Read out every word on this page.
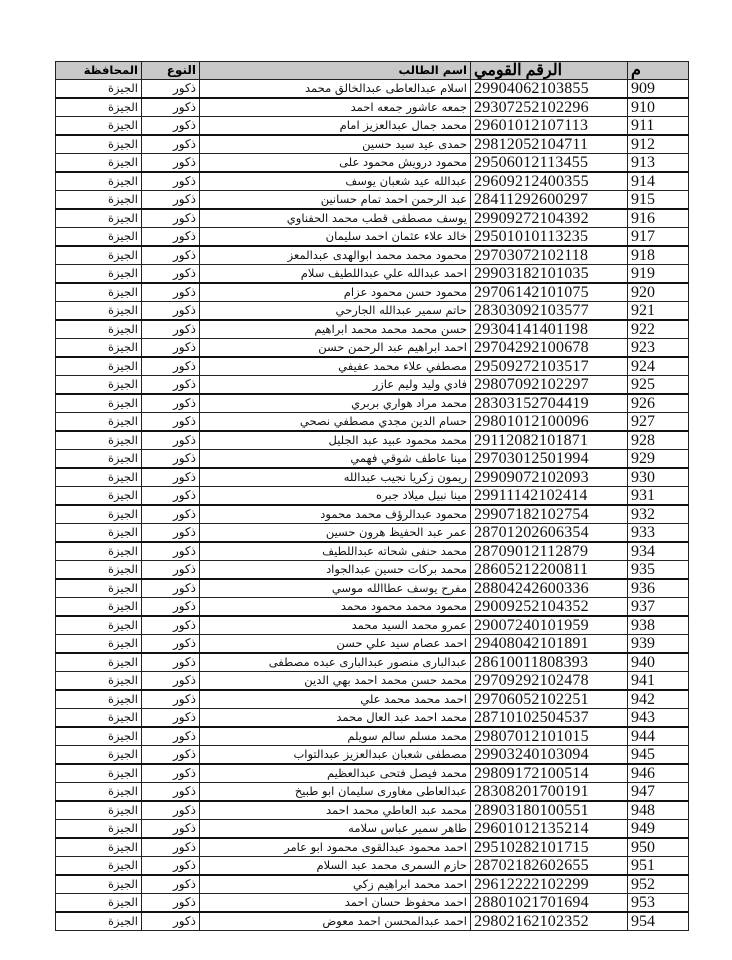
م	الرقم القومي	اسم الطالب	النوع	المحافظة
909	29904062103855	اسلام عبدالعاطى عبدالخالق محمد	ذكور	الجيزة
910	29307252102296	جمعه عاشور جمعه احمد	ذكور	الجيزة
911	29601012107113	محمد جمال عبدالعزيز امام	ذكور	الجيزة
912	29812052104711	حمدى عيد سيد حسين	ذكور	الجيزة
913	29506012113455	محمود درويش محمود على	ذكور	الجيزة
914	29609212400355	عبدالله عيد شعبان يوسف	ذكور	الجيزة
915	28411292600297	عبد الرحمن احمد تمام حسانين	ذكور	الجيزة
916	29909272104392	يوسف مصطفى قطب محمد الحفناوي	ذكور	الجيزة
917	29501010113235	خالد علاء عثمان احمد سليمان	ذكور	الجيزة
918	29703072102118	محمود محمد محمد ابوالهدى عبدالمعز	ذكور	الجيزة
919	29903182101035	احمد عبدالله علي عبداللطيف سلام	ذكور	الجيزة
920	29706142101075	محمود حسن محمود عزام	ذكور	الجيزة
921	28303092103577	حاتم سمير عبدالله الجارحي	ذكور	الجيزة
922	29304141401198	حسن محمد محمد محمد ابراهيم	ذكور	الجيزة
923	29704292100678	احمد ابراهيم عبد الرحمن حسن	ذكور	الجيزة
924	29509272103517	مصطفي علاء محمد عفيفي	ذكور	الجيزة
925	29807092102297	فادي وليد وليم عازر	ذكور	الجيزة
926	28303152704419	محمد مراد هواري بربري	ذكور	الجيزة
927	29801012100096	حسام الدين مجدي مصطفي نصحي	ذكور	الجيزة
928	29112082101871	محمد محمود عبيد عبد الجليل	ذكور	الجيزة
929	29703012501994	مينا عاطف شوقي فهمي	ذكور	الجيزة
930	29909072102093	ريمون زكريا نجيب عبدالله	ذكور	الجيزة
931	29911142102414	مينا نبيل ميلاد جبره	ذكور	الجيزة
932	29907182102754	محمود عبدالرؤف محمد محمود	ذكور	الجيزة
933	28701202606354	عمر عبد الحفيظ هرون حسين	ذكور	الجيزة
934	28709012112879	محمد حنفى شحاته عبداللطيف	ذكور	الجيزة
935	28605212200811	محمد بركات حسين عبدالجواد	ذكور	الجيزة
936	28804242600336	مفرح يوسف عطاالله موسي	ذكور	الجيزة
937	29009252104352	محمود محمد محمود محمد	ذكور	الجيزة
938	29007240101959	عمرو محمد السيد محمد	ذكور	الجيزة
939	29408042101891	احمد عصام سيد علي حسن	ذكور	الجيزة
940	28610011808393	عبدالبارى منصور عبدالبارى عبده مصطفى	ذكور	الجيزة
941	29709292102478	محمد حسن محمد احمد بهي الدين	ذكور	الجيزة
942	29706052102251	احمد محمد محمد علي	ذكور	الجيزة
943	28710102504537	محمد احمد عبد العال محمد	ذكور	الجيزة
944	29807012101015	محمد مسلم سالم سويلم	ذكور	الجيزة
945	29903240103094	مصطفى شعبان عبدالعزيز عبدالتواب	ذكور	الجيزة
946	29809172100514	محمد فيصل فتحى عبدالعظيم	ذكور	الجيزة
947	28308201700191	عبدالعاطى مغاورى سليمان ابو طبيخ	ذكور	الجيزة
948	28903180100551	محمد عبد العاطي محمد احمد	ذكور	الجيزة
949	29601012135214	طاهر سمير عباس سلامه	ذكور	الجيزة
950	29510282101715	احمد محمود عبدالقوى محمود ابو عامر	ذكور	الجيزة
951	28702182602655	حازم السمرى محمد عبد السلام	ذكور	الجيزة
952	29612222102299	احمد محمد ابراهيم زكي	ذكور	الجيزة
953	28801021701694	احمد محفوظ حسان احمد	ذكور	الجيزة
954	29802162102352	احمد عبدالمحسن احمد معوض	ذكور	الجيزة
